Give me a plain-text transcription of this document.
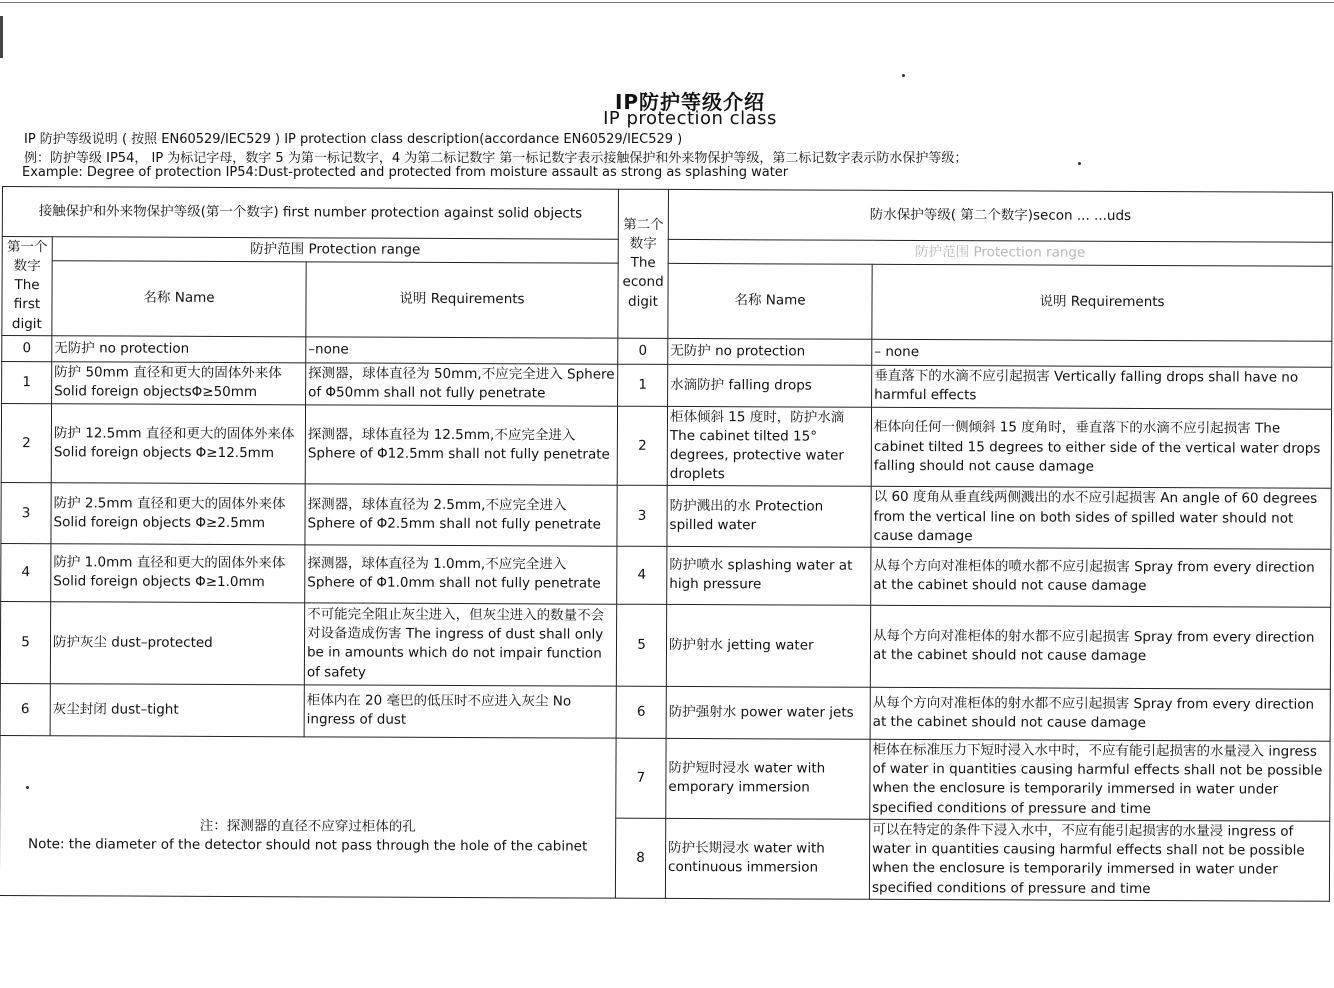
IP防护等级介绍
IP protection class
IP 防护等级说明 ( 按照 EN60529/IEC529 ) IP protection class description(accordance EN60529/IEC529 )
例：防护等级 IP54， IP 为标记字母，数字 5 为第一标记数字，4 为第二标记数字 第一标记数字表示接触保护和外来物保护等级，第二标记数字表示防水保护等级；
Example: Degree of protection IP54:Dust-protected and protected from moisture assault as strong as splashing water
接触保护和外来物保护等级(第一个数字) first number protection against solid objects			第二个数字 The econd digit	防水保护等级( 第二个数字)secon ... ...uds	
第一个数字 The first digit	防护范围 Protection range			防护范围 Protection range	
	名称 Name	说明 Requirements		名称 Name	说明 Requirements
0	无防护 no protection	–none	0	无防护 no protection	– none
1	防护 50mm 直径和更大的固体外来体 Solid foreign objectsΦ≥50mm	探测器，球体直径为 50mm,不应完全进入 Sphere of Φ50mm shall not fully penetrate	1	水滴防护 falling drops	垂直落下的水滴不应引起损害 Vertically falling drops shall have no harmful effects
2	防护 12.5mm 直径和更大的固体外来体 Solid foreign objects Φ≥12.5mm	探测器，球体直径为 12.5mm,不应完全进入 Sphere of Φ12.5mm shall not fully penetrate	2	柜体倾斜 15 度时，防护水滴 The cabinet tilted 15° degrees, protective water droplets	柜体向任何一侧倾斜 15 度角时，垂直落下的水滴不应引起损害 The cabinet tilted 15 degrees to either side of the vertical water drops falling should not cause damage
3	防护 2.5mm 直径和更大的固体外来体 Solid foreign objects Φ≥2.5mm	探测器，球体直径为 2.5mm,不应完全进入 Sphere of Φ2.5mm shall not fully penetrate	3	防护溅出的水 Protection spilled water	以 60 度角从垂直线两侧溅出的水不应引起损害 An angle of 60 degrees from the vertical line on both sides of spilled water should not cause damage
4	防护 1.0mm 直径和更大的固体外来体 Solid foreign objects Φ≥1.0mm	探测器，球体直径为 1.0mm,不应完全进入 Sphere of Φ1.0mm shall not fully penetrate	4	防护喷水 splashing water at high pressure	从每个方向对准柜体的喷水都不应引起损害 Spray from every direction at the cabinet should not cause damage
5	防护灰尘 dust–protected	不可能完全阻止灰尘进入，但灰尘进入的数量不会对设备造成伤害 The ingress of dust shall only be in amounts which do not impair function of safety	5	防护射水 jetting water	从每个方向对准柜体的射水都不应引起损害 Spray from every direction at the cabinet should not cause damage
6	灰尘封闭 dust–tight	柜体内在 20 毫巴的低压时不应进入灰尘 No ingress of dust	6	防护强射水 power water jets	从每个方向对准柜体的射水都不应引起损害 Spray from every direction at the cabinet should not cause damage

注：探测器的直径不应穿过柜体的孔
Note: the diameter of the detector should not pass through the hole of the cabinet			7	防护短时浸水 water with emporary immersion	柜体在标准压力下短时浸入水中时，不应有能引起损害的水量浸入 ingress of water in quantities causing harmful effects shall not be possible when the enclosure is temporarily immersed in water under specified conditions of pressure and time
			8	防护长期浸水 water with continuous immersion	可以在特定的条件下浸入水中，不应有能引起损害的水量浸 ingress of water in quantities causing harmful effects shall not be possible when the enclosure is temporarily immersed in water under specified conditions of pressure and time
